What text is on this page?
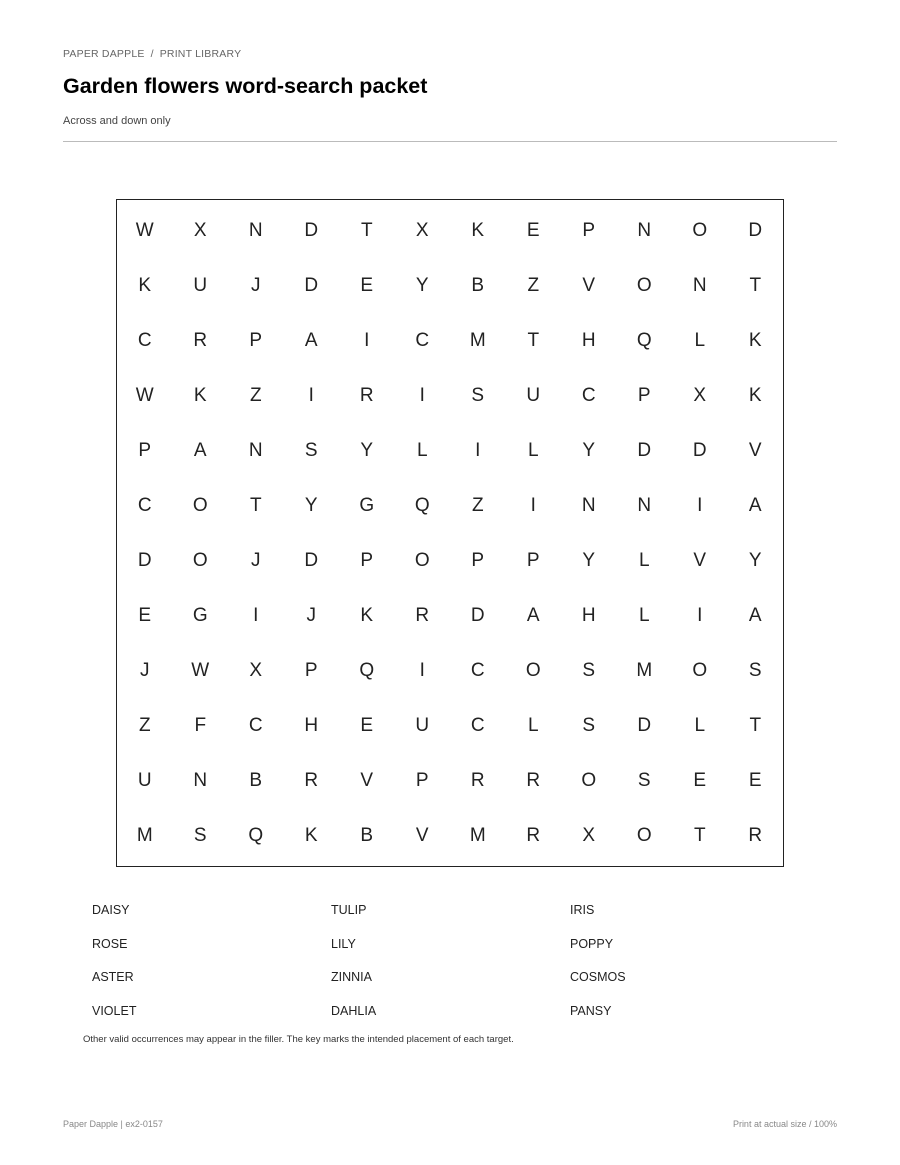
PAPER DAPPLE / PRINT LIBRARY
Garden flowers word-search packet
Across and down only
W	X	N	D	T	X	K	E	P	N	O	D
K	U	J	D	E	Y	B	Z	V	O	N	T
C	R	P	A	I	C	M	T	H	Q	L	K
W	K	Z	I	R	I	S	U	C	P	X	K
P	A	N	S	Y	L	I	L	Y	D	D	V
C	O	T	Y	G	Q	Z	I	N	N	I	A
D	O	J	D	P	O	P	P	Y	L	V	Y
E	G	I	J	K	R	D	A	H	L	I	A
J	W	X	P	Q	I	C	O	S	M	O	S
Z	F	C	H	E	U	C	L	S	D	L	T
U	N	B	R	V	P	R	R	O	S	E	E
M	S	Q	K	B	V	M	R	X	O	T	R
DAISY	TULIP	IRIS
ROSE	LILY	POPPY
ASTER	ZINNIA	COSMOS
VIOLET	DAHLIA	PANSY
Other valid occurrences may appear in the filler. The key marks the intended placement of each target.
Paper Dapple | ex2-0157	Print at actual size / 100%
